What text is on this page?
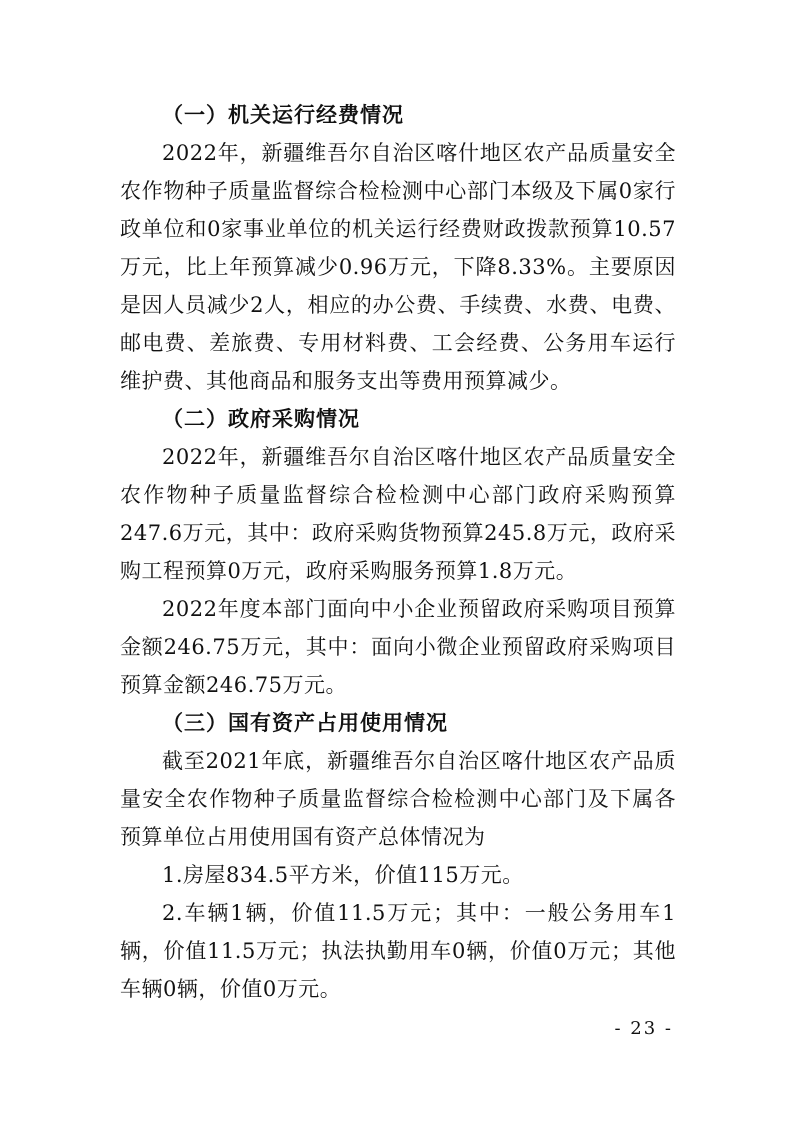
（一）机关运行经费情况

2022年，新疆维吾尔自治区喀什地区农产品质量安全农作物种子质量监督综合检检测中心部门本级及下属0家行政单位和0家事业单位的机关运行经费财政拨款预算10.57万元，比上年预算减少0.96万元，下降8.33%。主要原因是因人员减少2人，相应的办公费、手续费、水费、电费、邮电费、差旅费、专用材料费、工会经费、公务用车运行维护费、其他商品和服务支出等费用预算减少。

（二）政府采购情况

2022年，新疆维吾尔自治区喀什地区农产品质量安全农作物种子质量监督综合检检测中心部门政府采购预算247.6万元，其中：政府采购货物预算245.8万元，政府采购工程预算0万元，政府采购服务预算1.8万元。

2022年度本部门面向中小企业预留政府采购项目预算金额246.75万元，其中：面向小微企业预留政府采购项目预算金额246.75万元。

（三）国有资产占用使用情况

截至2021年底，新疆维吾尔自治区喀什地区农产品质量安全农作物种子质量监督综合检检测中心部门及下属各预算单位占用使用国有资产总体情况为

1.房屋834.5平方米，价值115万元。

2.车辆1辆，价值11.5万元；其中：一般公务用车1辆，价值11.5万元；执法执勤用车0辆，价值0万元；其他车辆0辆，价值0万元。

- 23 -
